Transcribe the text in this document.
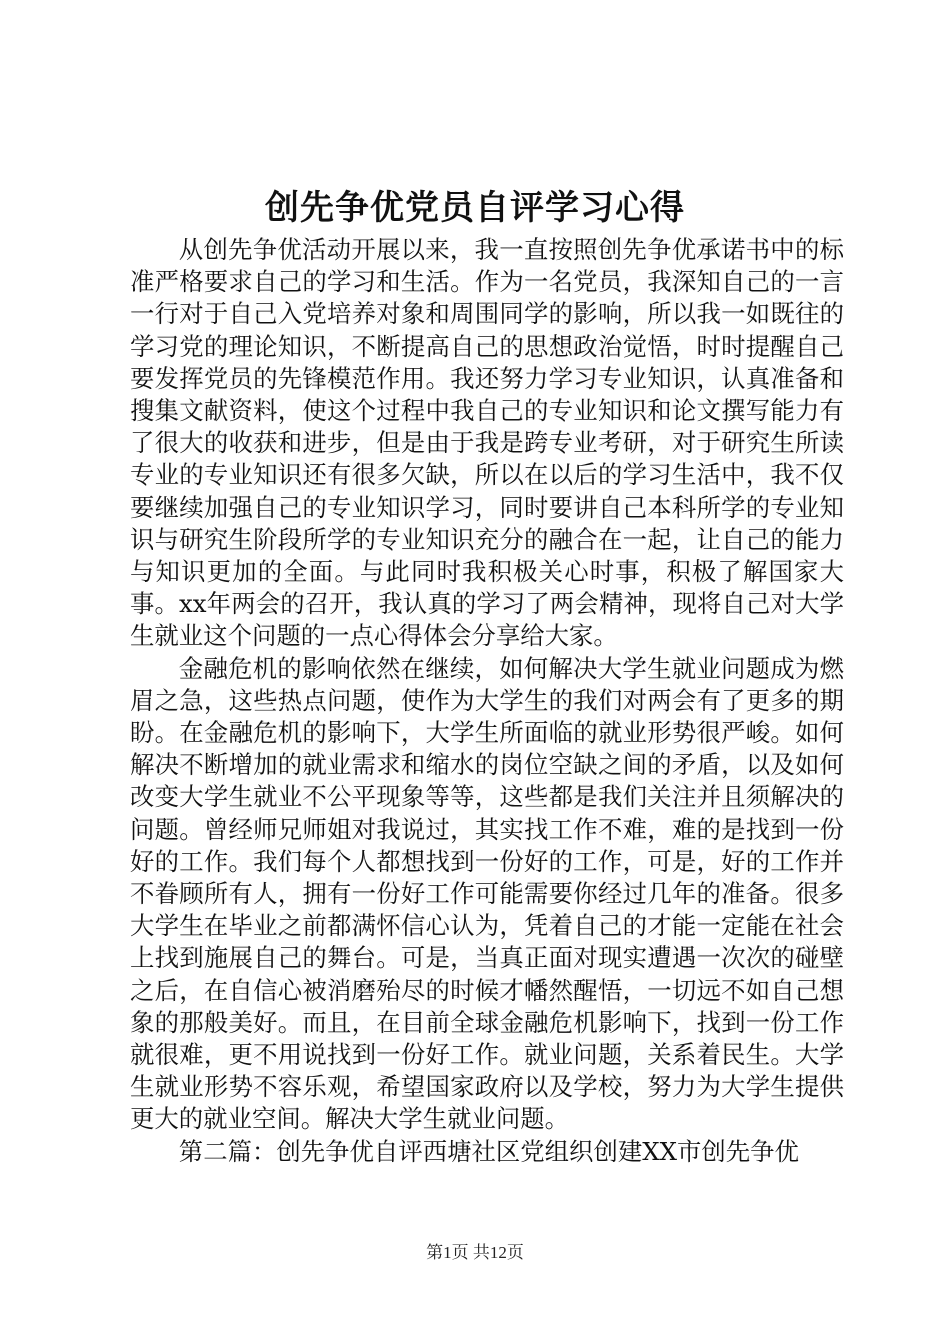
创先争优党员自评学习心得

从创先争优活动开展以来，我一直按照创先争优承诺书中的标准严格要求自己的学习和生活。作为一名党员，我深知自己的一言一行对于自己入党培养对象和周围同学的影响，所以我一如既往的学习党的理论知识，不断提高自己的思想政治觉悟，时时提醒自己要发挥党员的先锋模范作用。我还努力学习专业知识，认真准备和搜集文献资料，使这个过程中我自己的专业知识和论文撰写能力有了很大的收获和进步，但是由于我是跨专业考研，对于研究生所读专业的专业知识还有很多欠缺，所以在以后的学习生活中，我不仅要继续加强自己的专业知识学习，同时要讲自己本科所学的专业知识与研究生阶段所学的专业知识充分的融合在一起，让自己的能力与知识更加的全面。与此同时我积极关心时事，积极了解国家大事。xx年两会的召开，我认真的学习了两会精神，现将自己对大学生就业这个问题的一点心得体会分享给大家。

金融危机的影响依然在继续，如何解决大学生就业问题成为燃眉之急，这些热点问题，使作为大学生的我们对两会有了更多的期盼。在金融危机的影响下，大学生所面临的就业形势很严峻。如何解决不断增加的就业需求和缩水的岗位空缺之间的矛盾，以及如何改变大学生就业不公平现象等等，这些都是我们关注并且须解决的问题。曾经师兄师姐对我说过，其实找工作不难，难的是找到一份好的工作。我们每个人都想找到一份好的工作，可是，好的工作并不眷顾所有人，拥有一份好工作可能需要你经过几年的准备。很多大学生在毕业之前都满怀信心认为，凭着自己的才能一定能在社会上找到施展自己的舞台。可是，当真正面对现实遭遇一次次的碰壁之后，在自信心被消磨殆尽的时候才幡然醒悟，一切远不如自己想象的那般美好。而且，在目前全球金融危机影响下，找到一份工作就很难，更不用说找到一份好工作。就业问题，关系着民生。大学生就业形势不容乐观，希望国家政府以及学校，努力为大学生提供更大的就业空间。解决大学生就业问题。

第二篇：创先争优自评西塘社区党组织创建XX市创先争优

第1页 共12页
